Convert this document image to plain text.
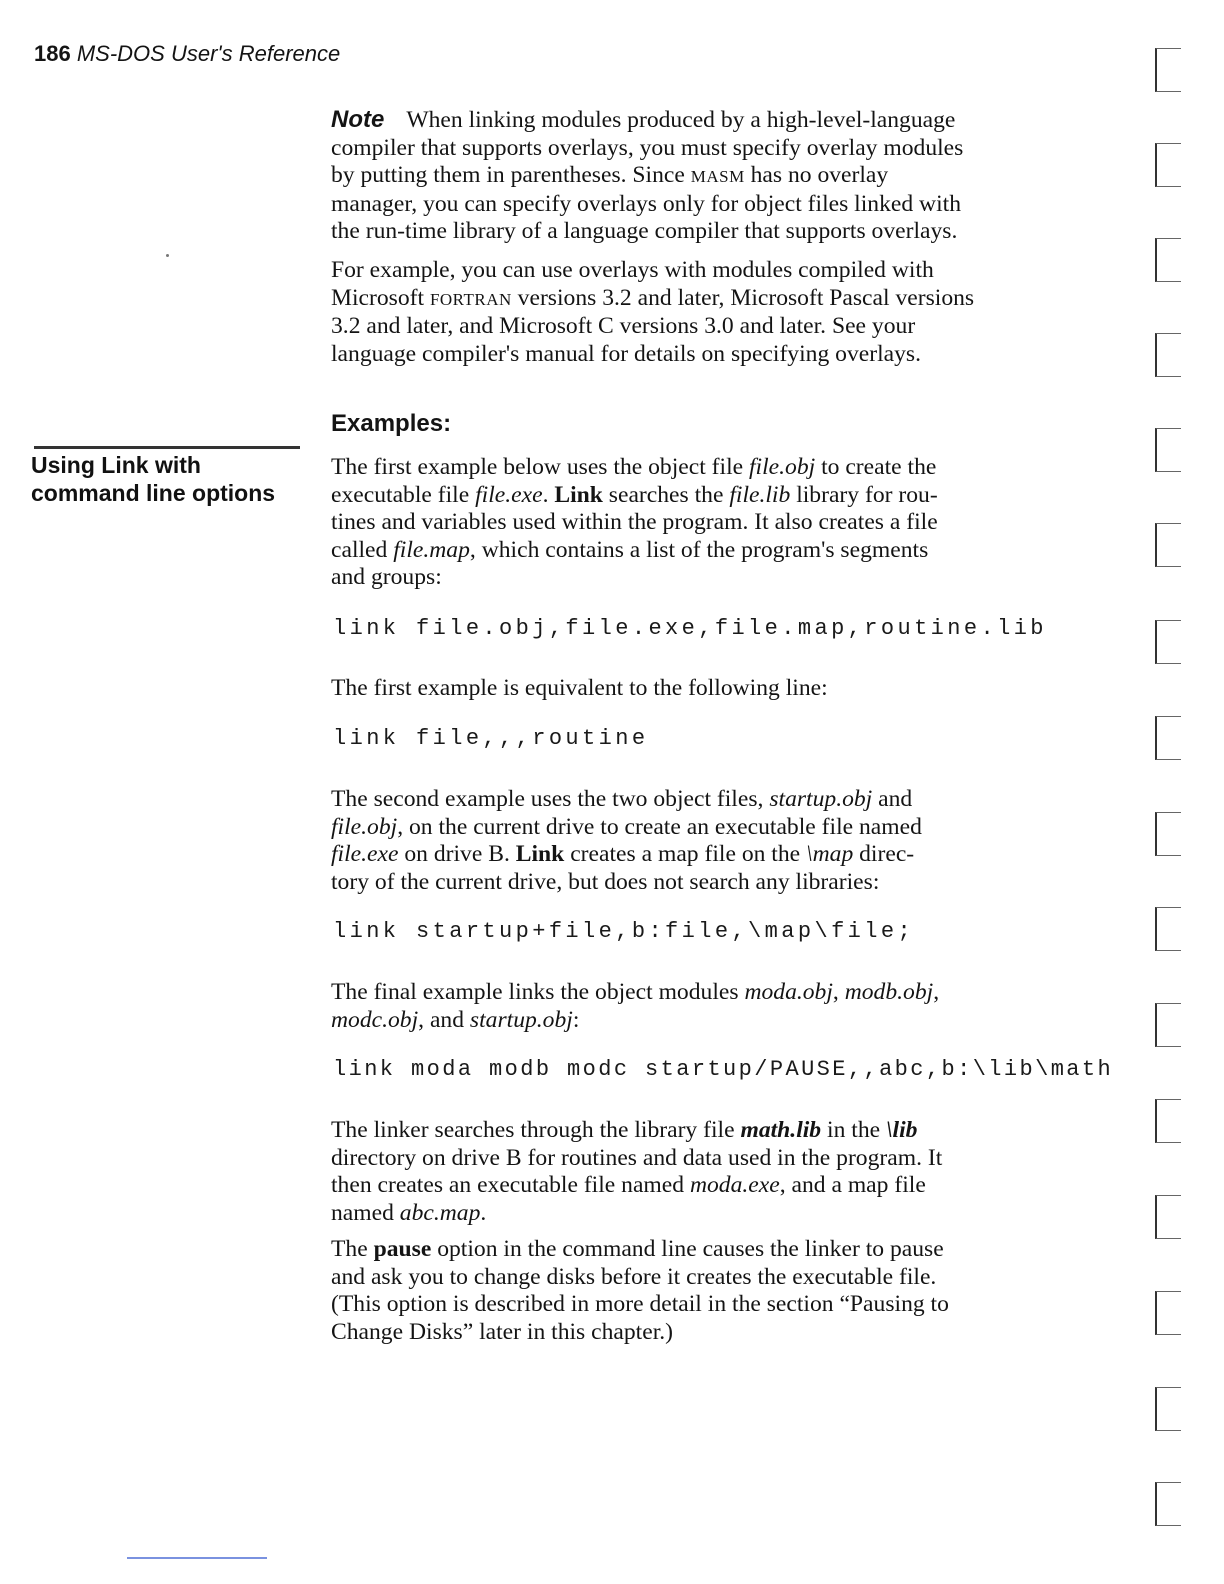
186 MS-DOS User's Reference

Note When linking modules produced by a high-level-language
compiler that supports overlays, you must specify overlay modules
by putting them in parentheses. Since MASM has no overlay
manager, you can specify overlays only for object files linked with
the run-time library of a language compiler that supports overlays.

For example, you can use overlays with modules compiled with
Microsoft FORTRAN versions 3.2 and later, Microsoft Pascal versions
3.2 and later, and Microsoft C versions 3.0 and later. See your
language compiler's manual for details on specifying overlays.

Examples:
Using Link with
command line options

The first example below uses the object file file.obj to create the
executable file file.exe. Link searches the file.lib library for rou-
tines and variables used within the program. It also creates a file
called file.map, which contains a list of the program's segments
and groups:

link file.obj,file.exe,file.map,routine.lib

The first example is equivalent to the following line:

link file,,,routine

The second example uses the two object files, startup.obj and
file.obj, on the current drive to create an executable file named
file.exe on drive B. Link creates a map file on the \map direc-
tory of the current drive, but does not search any libraries:

link startup+file,b:file,\map\file;

The final example links the object modules moda.obj, modb.obj,
modc.obj, and startup.obj:

link moda modb modc startup/PAUSE,,abc,b:\lib\math

The linker searches through the library file math.lib in the \lib
directory on drive B for routines and data used in the program. It
then creates an executable file named moda.exe, and a map file
named abc.map.

The pause option in the command line causes the linker to pause
and ask you to change disks before it creates the executable file.
(This option is described in more detail in the section “Pausing to
Change Disks” later in this chapter.)
